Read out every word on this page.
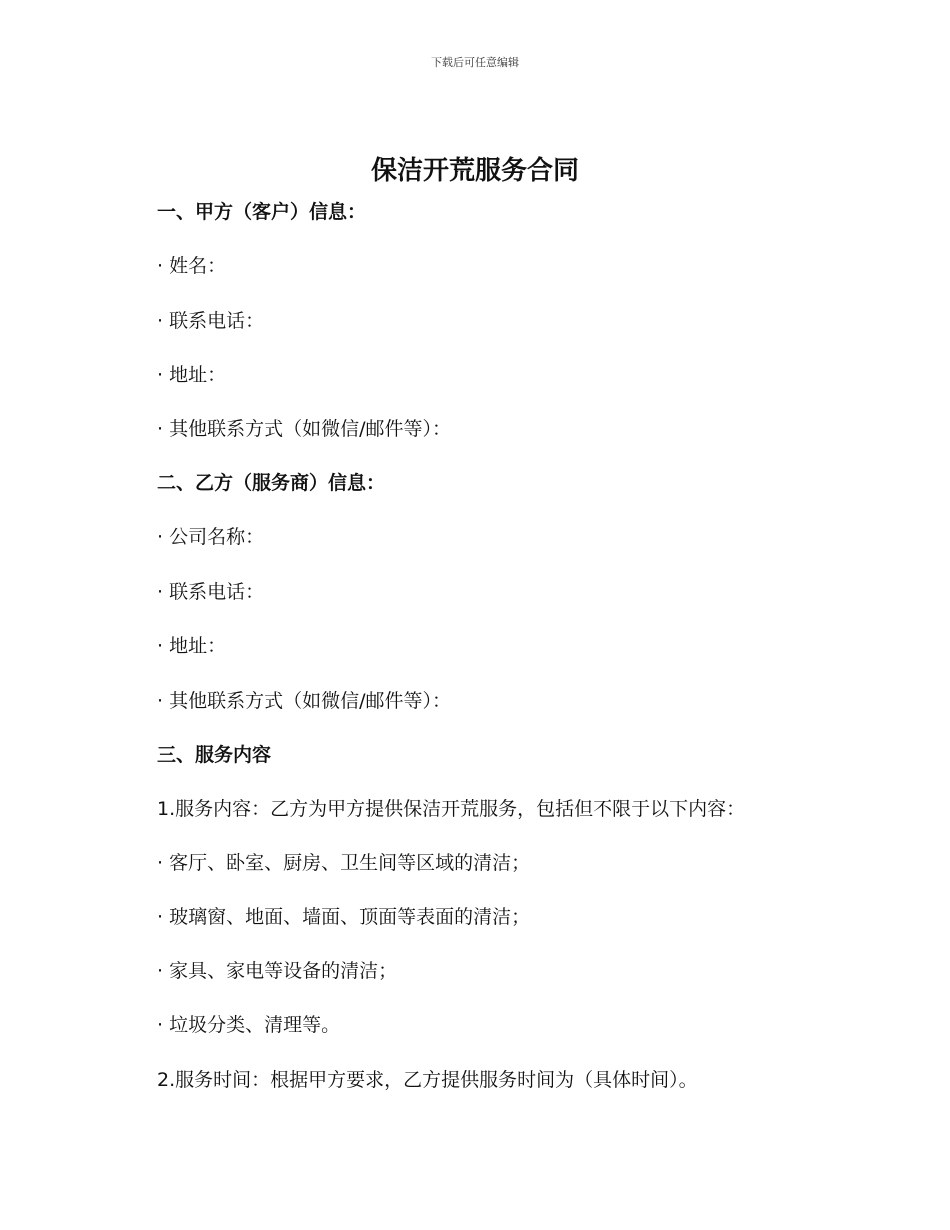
下载后可任意编辑
保洁开荒服务合同
一、甲方（客户）信息：
· 姓名：
· 联系电话：
· 地址：
· 其他联系方式（如微信/邮件等）：
二、乙方（服务商）信息：
· 公司名称：
· 联系电话：
· 地址：
· 其他联系方式（如微信/邮件等）：
三、服务内容
1.服务内容：乙方为甲方提供保洁开荒服务，包括但不限于以下内容：
· 客厅、卧室、厨房、卫生间等区域的清洁；
· 玻璃窗、地面、墙面、顶面等表面的清洁；
· 家具、家电等设备的清洁；
· 垃圾分类、清理等。
2.服务时间：根据甲方要求，乙方提供服务时间为（具体时间）。
